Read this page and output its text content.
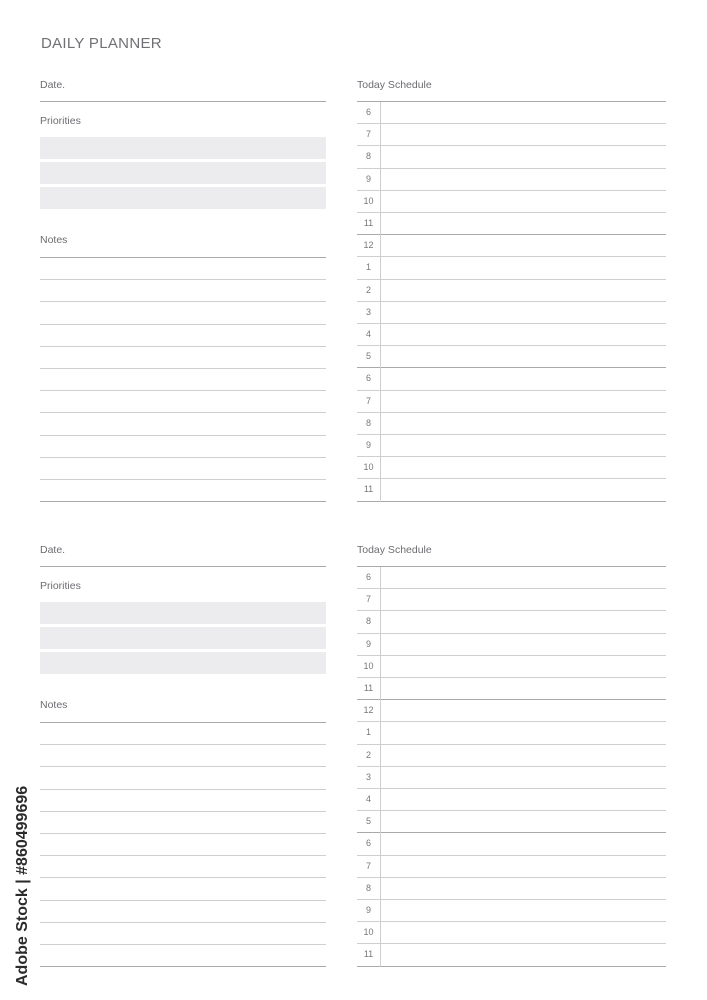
DAILY PLANNER
Date.
Priorities
Notes
Today Schedule
6
7
8
9
10
11
12
1
2
3
4
5
6
7
8
9
10
11
Date.
Priorities
Notes
Today Schedule
6
7
8
9
10
11
12
1
2
3
4
5
6
7
8
9
10
11
Adobe Stock | #860499696
